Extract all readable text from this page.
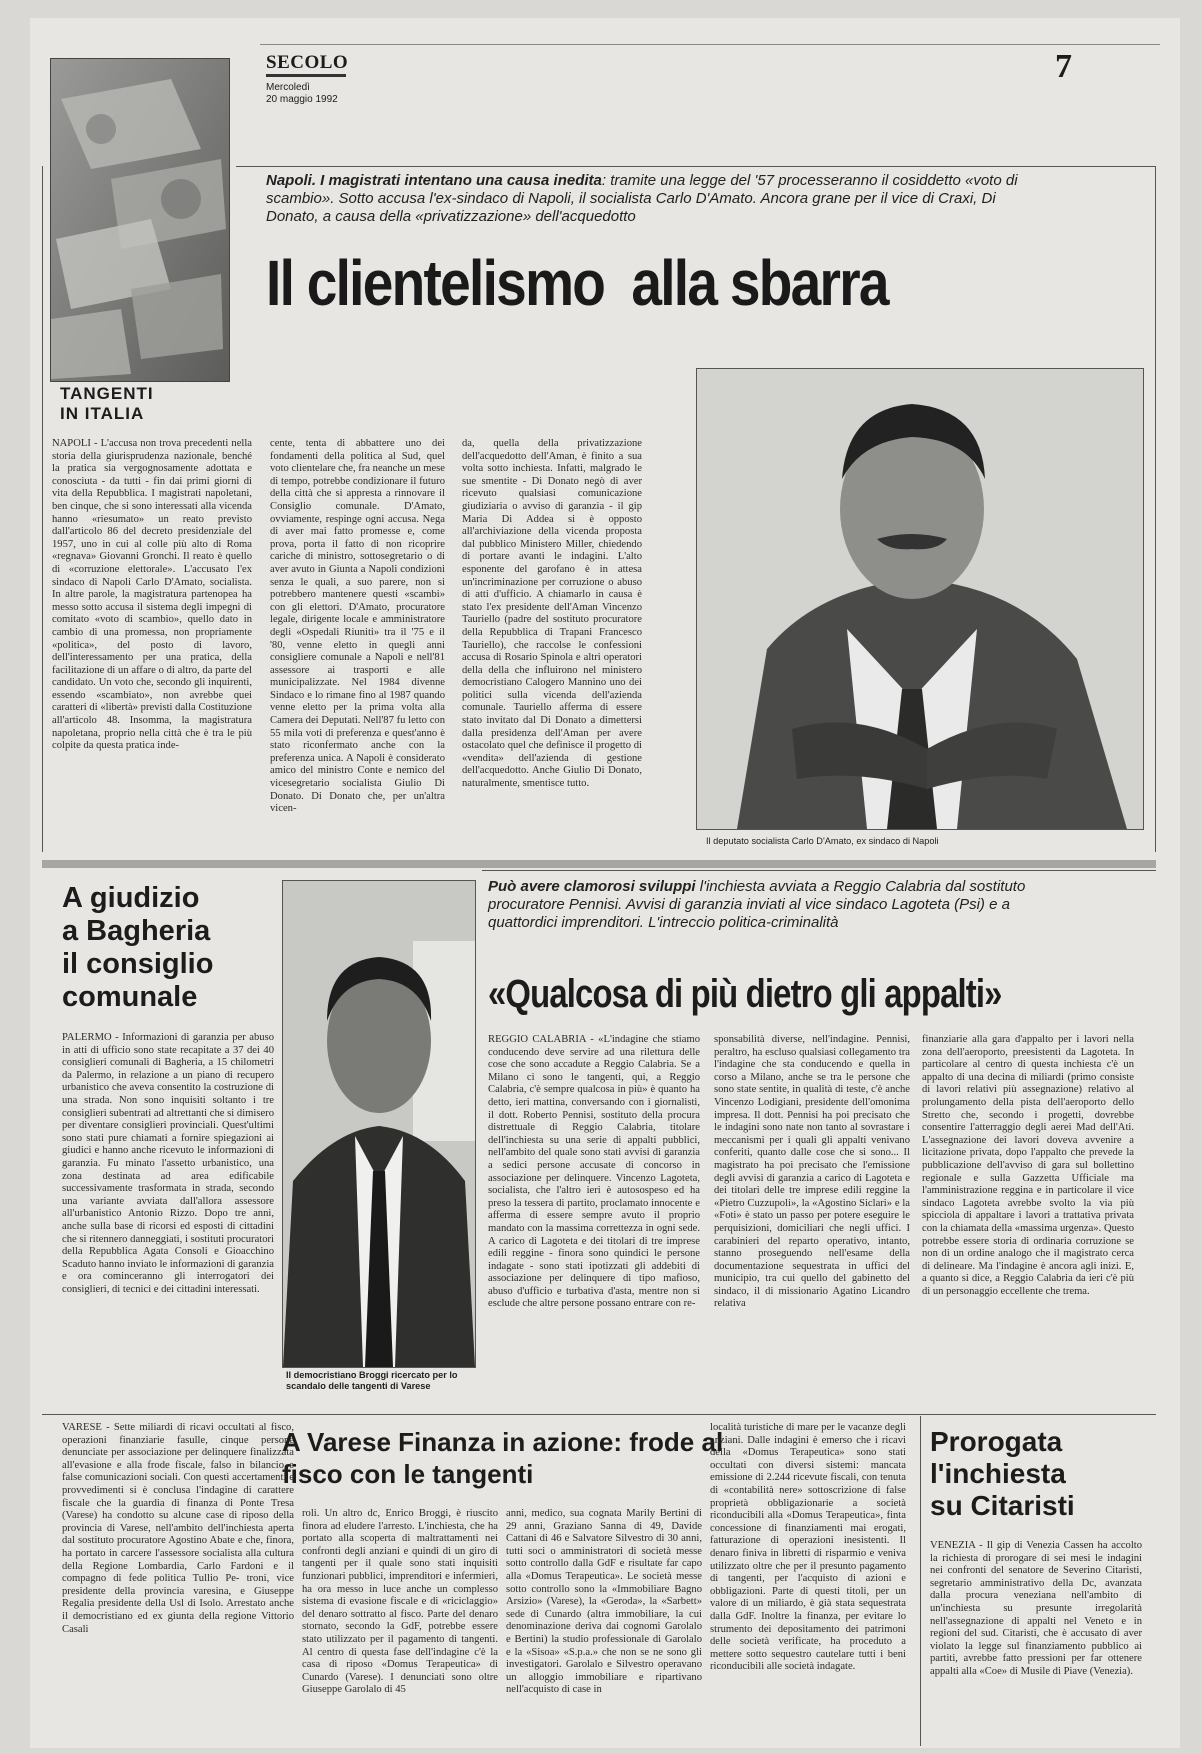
SECOLO
Mercoledì
20 maggio 1992
7
TANGENTI
IN ITALIA
Napoli. I magistrati intentano una causa inedita: tramite una legge del '57 processeranno il cosiddetto «voto di scambio». Sotto accusa l'ex-sindaco di Napoli, il socialista Carlo D'Amato. Ancora grane per il vice di Craxi, Di Donato, a causa della «privatizzazione» dell'acquedotto
Il clientelismo  alla sbarra
NAPOLI - L'accusa non trova precedenti nella storia della giurisprudenza nazionale, benché la pratica sia vergognosamente adottata e conosciuta - da tutti - fin dai primi giorni di vita della Repubblica. I magistrati napoletani, ben cinque, che si sono interessati alla vicenda hanno «riesumato» un reato previsto dall'articolo 86 del decreto presidenziale del 1957, uno in cui al colle più alto di Roma «regnava» Giovanni Gronchi. Il reato è quello di «corruzione elettorale». L'accusato l'ex sindaco di Napoli Carlo D'Amato, socialista. In altre parole, la magistratura partenopea ha messo sotto accusa il sistema degli impegni di comitato «voto di scambio», quello dato in cambio di una promessa, non propriamente «politica», del posto di lavoro, dell'interessamento per una pratica, della facilitazione di un affare o di altro, da parte del candidato. Un voto che, secondo gli inquirenti, essendo «scambiato», non avrebbe quei caratteri di «libertà» previsti dalla Costituzione all'articolo 48. Insomma, la magistratura napoletana, proprio nella città che è tra le più colpite da questa pratica inde-
cente, tenta di abbattere uno dei fondamenti della politica al Sud, quel voto clientelare che, fra neanche un mese di tempo, potrebbe condizionare il futuro della città che si appresta a rinnovare il Consiglio comunale. D'Amato, ovviamente, respinge ogni accusa. Nega di aver mai fatto promesse e, come prova, porta il fatto di non ricoprire cariche di ministro, sottosegretario o di aver avuto in Giunta a Napoli condizioni senza le quali, a suo parere, non si potrebbero mantenere questi «scambi» con gli elettori. D'Amato, procuratore legale, dirigente locale e amministratore degli «Ospedali Riuniti» tra il '75 e il '80, venne eletto in quegli anni consigliere comunale a Napoli e nell'81 assessore ai trasporti e alle municipalizzate. Nel 1984 divenne Sindaco e lo rimane fino al 1987 quando venne eletto per la prima volta alla Camera dei Deputati. Nell'87 fu letto con 55 mila voti di preferenza e quest'anno è stato riconfermato anche con la preferenza unica. A Napoli è considerato amico del ministro Conte e nemico del vicesegretario socialista Giulio Di Donato. Di Donato che, per un'altra vicen-
da, quella della privatizzazione dell'acquedotto dell'Aman, è finito a sua volta sotto inchiesta. Infatti, malgrado le sue smentite - Di Donato negò di aver ricevuto qualsiasi comunicazione giudiziaria o avviso di garanzia - il gip Maria Di Addea si è opposto all'archiviazione della vicenda proposta dal pubblico Ministero Miller, chiedendo di portare avanti le indagini. L'alto esponente del garofano è in attesa un'incriminazione per corruzione o abuso di atti d'ufficio. A chiamarlo in causa è stato l'ex presidente dell'Aman Vincenzo Tauriello (padre del sostituto procuratore della Repubblica di Trapani Francesco Tauriello), che raccolse le confessioni accusa di Rosario Spinola e altri operatori della della che influirono nel ministero democristiano Calogero Mannino uno dei politici sulla vicenda dell'azienda comunale. Tauriello afferma di essere stato invitato dal Di Donato a dimettersi dalla presidenza dell'Aman per avere ostacolato quel che definisce il progetto di «vendita» dell'azienda di gestione dell'acquedotto. Anche Giulio Di Donato, naturalmente, smentisce tutto.
Il deputato socialista Carlo D'Amato, ex sindaco di Napoli
A giudizio
a Bagheria
il consiglio
comunale
PALERMO - Informazioni di garanzia per abuso in atti di ufficio sono state recapitate a 37 dei 40 consiglieri comunali di Bagheria, a 15 chilometri da Palermo, in relazione a un piano di recupero urbanistico che aveva consentito la costruzione di una strada. Non sono inquisiti soltanto i tre consiglieri subentrati ad altrettanti che si dimisero per diventare consiglieri provinciali. Quest'ultimi sono stati pure chiamati a fornire spiegazioni ai giudici e hanno anche ricevuto le informazioni di garanzia. Fu minato l'assetto urbanistico, una zona destinata ad area edificabile successivamente trasformata in strada, secondo una variante avviata dall'allora assessore all'urbanistico Antonio Rizzo. Dopo tre anni, anche sulla base di ricorsi ed esposti di cittadini che si ritennero danneggiati, i sostituti procuratori della Repubblica Agata Consoli e Gioacchino Scaduto hanno inviato le informazioni di garanzia e ora cominceranno gli interrogatori dei consiglieri, di tecnici e dei cittadini interessati.
Il democristiano Broggi ricercato per lo scandalo delle tangenti di Varese
Può avere clamorosi sviluppi l'inchiesta avviata a Reggio Calabria dal sostituto procuratore Pennisi. Avvisi di garanzia inviati al vice sindaco Lagoteta (Psi) e a quattordici imprenditori. L'intreccio politica-criminalità
«Qualcosa di più dietro gli appalti»
REGGIO CALABRIA - «L'indagine che stiamo conducendo deve servire ad una rilettura delle cose che sono accadute a Reggio Calabria. Se a Milano ci sono le tangenti, qui, a Reggio Calabria, c'è sempre qualcosa in più» è quanto ha detto, ieri mattina, conversando con i giornalisti, il dott. Roberto Pennisi, sostituto della procura distrettuale di Reggio Calabria, titolare dell'inchiesta su una serie di appalti pubblici, nell'ambito del quale sono stati avvisi di garanzia a sedici persone accusate di concorso in associazione per delinquere. Vincenzo Lagoteta, socialista, che l'altro ieri è autosospeso ed ha preso la tessera di partito, proclamato innocente e afferma di essere sempre avuto il proprio mandato con la massima correttezza in ogni sede. A carico di Lagoteta e dei titolari di tre imprese edili reggine - finora sono quindici le persone indagate - sono stati ipotizzati gli addebiti di associazione per delinquere di tipo mafioso, abuso d'ufficio e turbativa d'asta, mentre non si esclude che altre persone possano entrare con re-
sponsabilità diverse, nell'indagine. Pennisi, peraltro, ha escluso qualsiasi collegamento tra l'indagine che sta conducendo e quella in corso a Milano, anche se tra le persone che sono state sentite, in qualità di teste, c'è anche Vincenzo Lodigiani, presidente dell'omonima impresa. Il dott. Pennisi ha poi precisato che le indagini sono nate non tanto al sovrastare i meccanismi per i quali gli appalti venivano conferiti, quanto dalle cose che si sono... Il magistrato ha poi precisato che l'emissione degli avvisi di garanzia a carico di Lagoteta e dei titolari delle tre imprese edili reggine la «Pietro Cuzzupoli», la «Agostino Siclari» e la «Foti» è stato un passo per potere eseguire le perquisizioni, domiciliari che negli uffici. I carabinieri del reparto operativo, intanto, stanno proseguendo nell'esame della documentazione sequestrata in uffici del municipio, tra cui quello del gabinetto del sindaco, il di missionario Agatino Licandro relativa
finanziarie alla gara d'appalto per i lavori nella zona dell'aeroporto, preesistenti da Lagoteta. In particolare al centro di questa inchiesta c'è un appalto di una decina di miliardi (primo consiste di lavori relativi più assegnazione) relativo al prolungamento della pista dell'aeroporto dello Stretto che, secondo i progetti, dovrebbe consentire l'atterraggio degli aerei Mad dell'Ati. L'assegnazione dei lavori doveva avvenire a licitazione privata, dopo l'appalto che prevede la pubblicazione dell'avviso di gara sul bollettino regionale e sulla Gazzetta Ufficiale ma l'amministrazione reggina e in particolare il vice sindaco Lagoteta avrebbe svolto la via più spicciola di appaltare i lavori a trattativa privata con la chiamata della «massima urgenza». Questo potrebbe essere storia di ordinaria corruzione se non di un ordine analogo che il magistrato cerca di delineare. Ma l'indagine è ancora agli inizi. E, a quanto si dice, a Reggio Calabria da ieri c'è più di un personaggio eccellente che trema.
VARESE - Sette miliardi di ricavi occultati al fisco, operazioni finanziarie fasulle, cinque persone denunciate per associazione per delinquere finalizzata all'evasione e alla frode fiscale, falso in bilancio e false comunicazioni sociali. Con questi accertamenti e provvedimenti si è conclusa l'indagine di carattere fiscale che la guardia di finanza di Ponte Tresa (Varese) ha condotto su alcune case di riposo della provincia di Varese, nell'ambito dell'inchiesta aperta dal sostituto procuratore Agostino Abate e che, finora, ha portato in carcere l'assessore socialista alla cultura della Regione Lombardia, Carlo Fardoni e il compagno di fede politica Tullio Pe- troni, vice presidente della provincia varesina, e Giuseppe Regalia presidente della Usl di Isolo. Arrestato anche il democristiano ed ex giunta della regione Vittorio Casali
A Varese Finanza in azione: frode al fisco con le tangenti
roli. Un altro dc, Enrico Broggi, è riuscito finora ad eludere l'arresto. L'inchiesta, che ha portato alla scoperta di maltrattamenti nei confronti degli anziani e quindi di un giro di tangenti per il quale sono stati inquisiti funzionari pubblici, imprenditori e infermieri, ha ora messo in luce anche un complesso sistema di evasione fiscale e di «riciclaggio» del denaro sottratto al fisco. Parte del denaro stornato, secondo la GdF, potrebbe essere stato utilizzato per il pagamento di tangenti. Al centro di questa fase dell'indagine c'è la casa di riposo «Domus Terapeutica» di Cunardo (Varese). I denunciati sono oltre Giuseppe Garolalo di 45
anni, medico, sua cognata Marily Bertini di 29 anni, Graziano Sanna di 49, Davide Cattani di 46 e Salvatore Silvestro di 30 anni, tutti soci o amministratori di società messe sotto controllo dalla GdF e risultate far capo alla «Domus Terapeutica». Le società messe sotto controllo sono la «Immobiliare Bagno Arsizio» (Varese), la «Geroda», la «Sarbett» sede di Cunardo (altra immobiliare, la cui denominazione deriva dai cognomi Garolalo e Bertini) la studio professionale di Garolalo e la «Sisoa» «S.p.a.» che non se ne sono gli investigatori. Garolalo e Silvestro operavano un alloggio immobiliare e ripartivano nell'acquisto di case in
località turistiche di mare per le vacanze degli anziani. Dalle indagini è emerso che i ricavi della «Domus Terapeutica» sono stati occultati con diversi sistemi: mancata emissione di 2.244 ricevute fiscali, con tenuta di «contabilità nere» sottoscrizione di false proprietà obbligazionarie a società riconducibili alla «Domus Terapeutica», finta concessione di finanziamenti mai erogati, fatturazione di operazioni inesistenti. Il denaro finiva in libretti di risparmio e veniva utilizzato oltre che per il presunto pagamento di tangenti, per l'acquisto di azioni e obbligazioni. Parte di questi titoli, per un valore di un miliardo, è già stata sequestrata dalla GdF. Inoltre la finanza, per evitare lo strumento dei depositamento dei patrimoni delle società verificate, ha proceduto a mettere sotto sequestro cautelare tutti i beni riconducibili alle società indagate.
Prorogata
l'inchiesta
su Citaristi
VENEZIA - Il gip di Venezia Cassen ha accolto la richiesta di prorogare di sei mesi le indagini nei confronti del senatore de Severino Citaristi, segretario amministrativo della Dc, avanzata dalla procura veneziana nell'ambito di un'inchiesta su presunte irregolarità nell'assegnazione di appalti nel Veneto e in regioni del sud. Citaristi, che è accusato di aver violato la legge sul finanziamento pubblico ai partiti, avrebbe fatto pressioni per far ottenere appalti alla «Coe» di Musile di Piave (Venezia).
